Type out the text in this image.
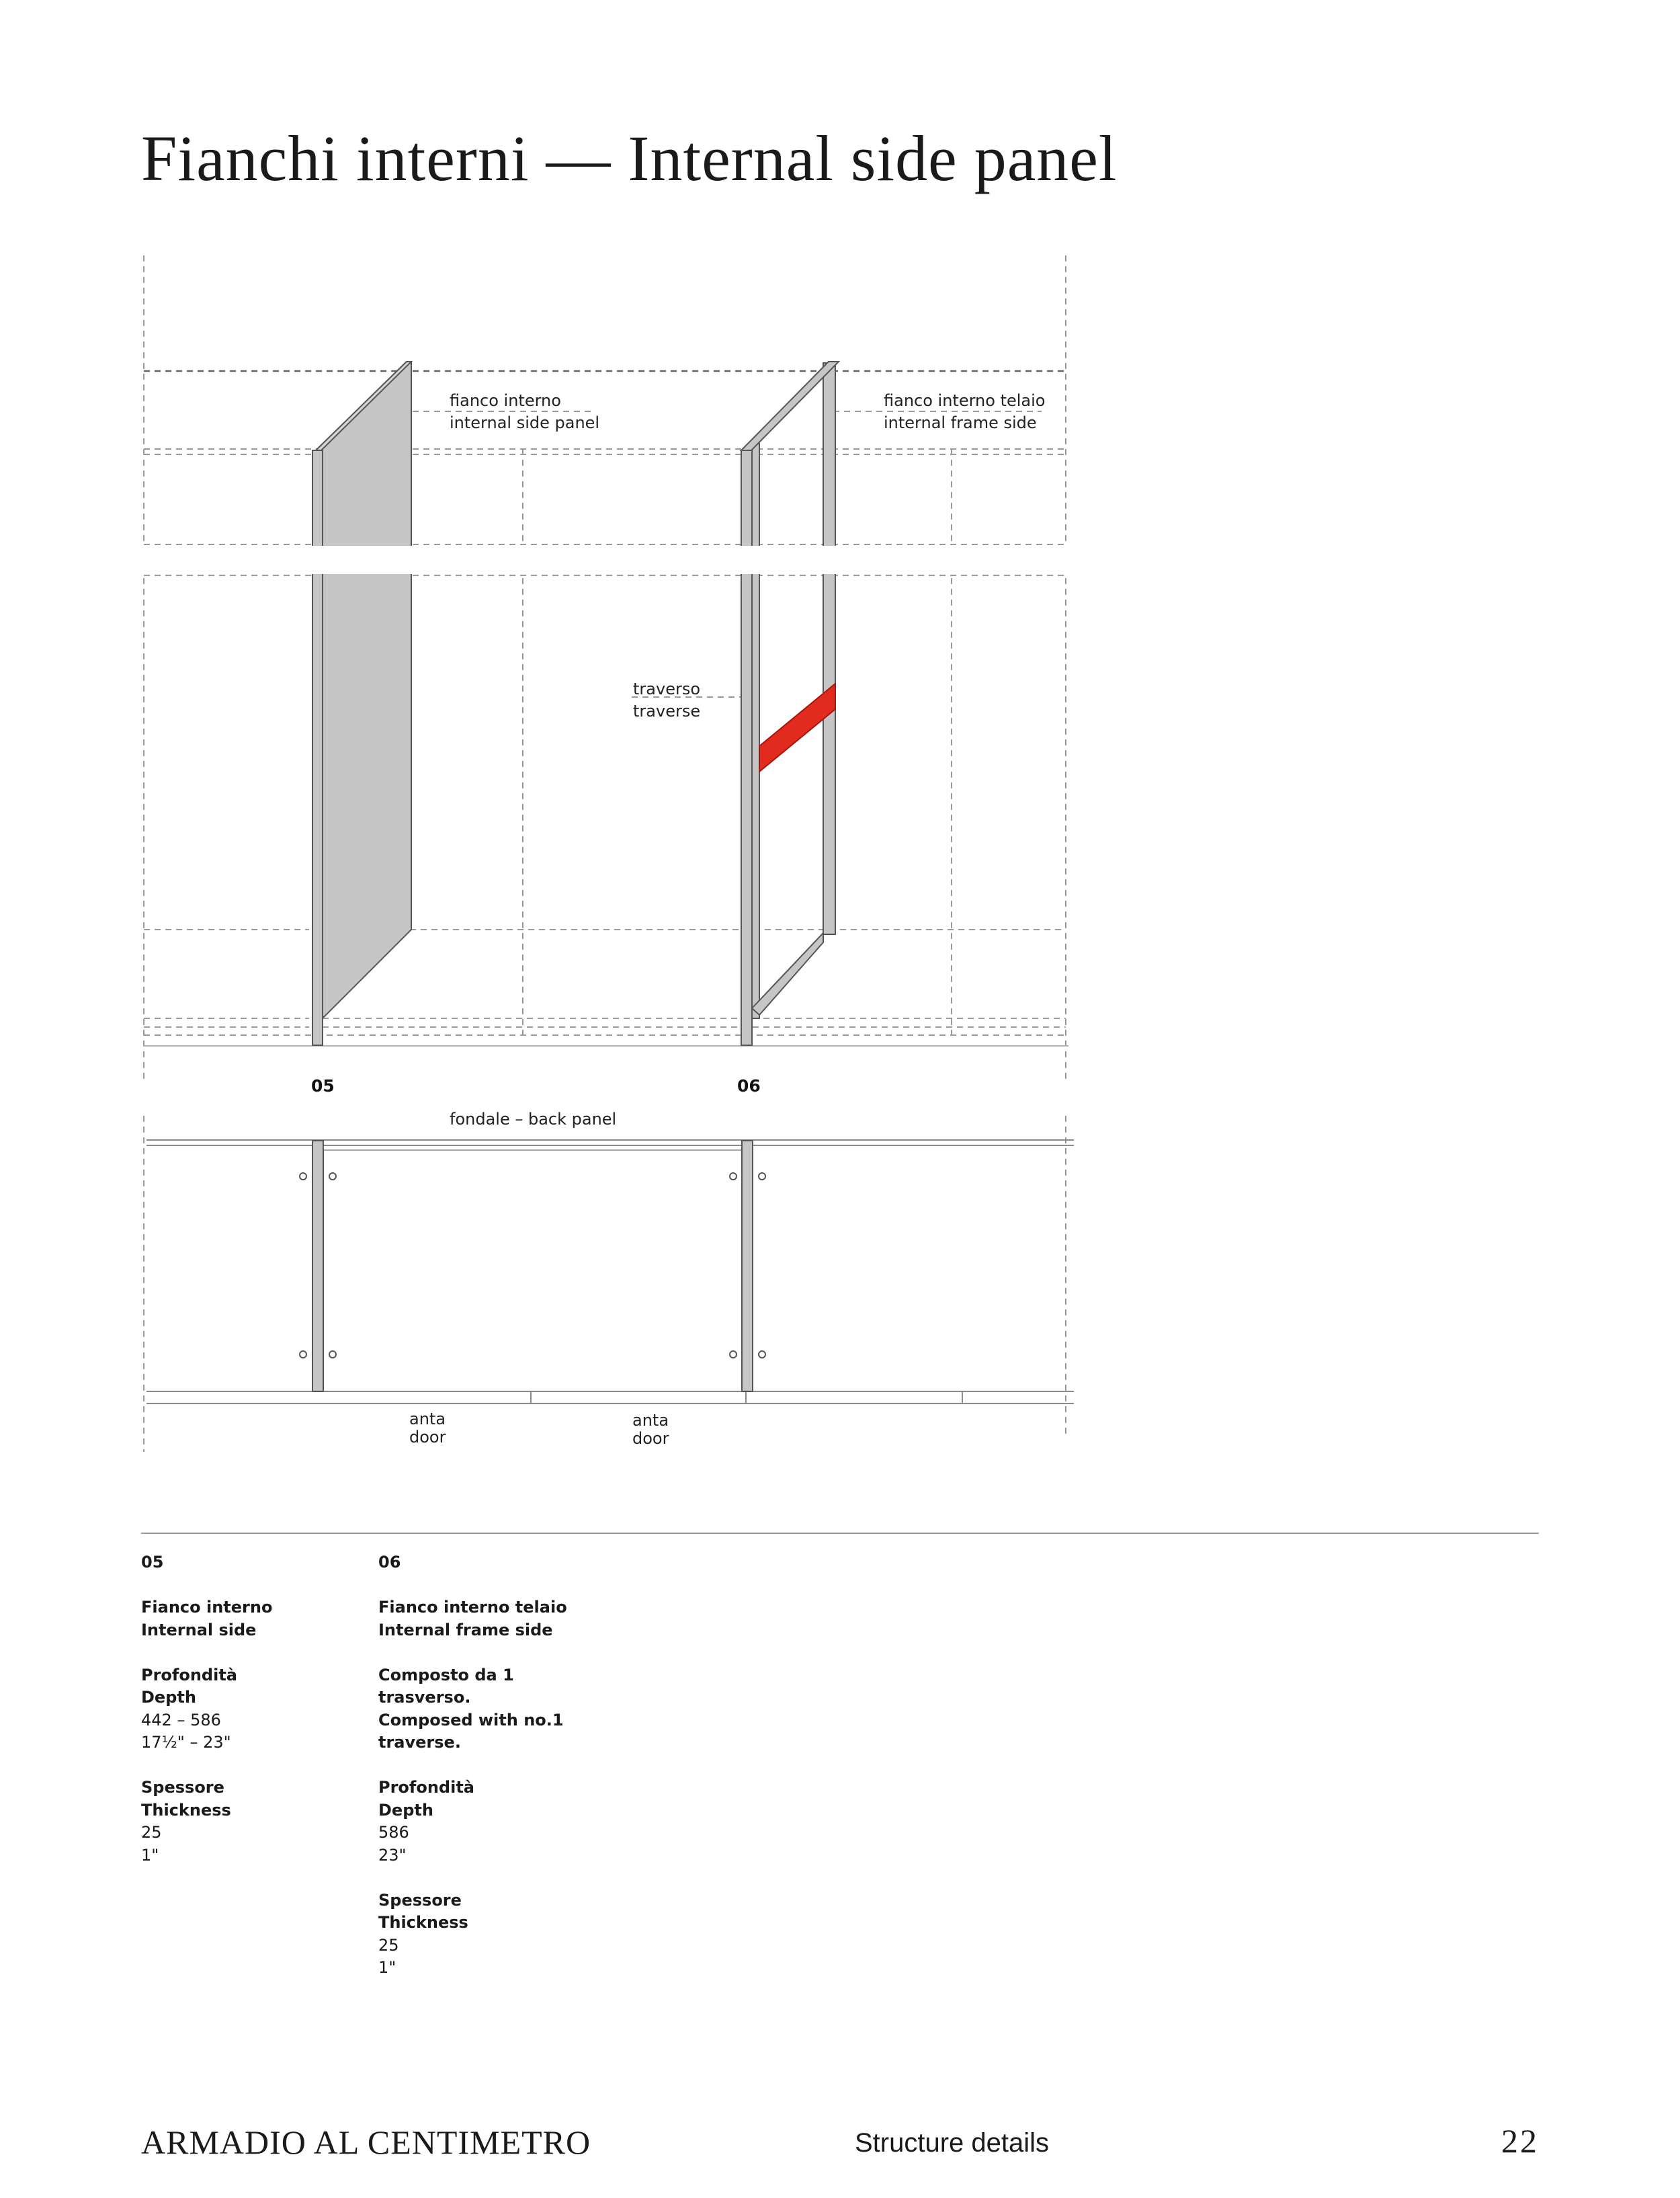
Fianchi interni — Internal side panel
fianco interno
internal side panel
fianco interno telaio
internal frame side
traverso
traverse
05	06
fondale – back panel
anta
door
anta
door
05
Fianco interno
Internal side
Profondità
Depth
442 – 586
17½" – 23"
Spessore
Thickness
25
1"
06
Fianco interno telaio
Internal frame side
Composto da 1
trasverso.
Composed with no.1
traverse.
Profondità
Depth
586
23"
Spessore
Thickness
25
1"
ARMADIO AL CENTIMETRO	Structure details	22
